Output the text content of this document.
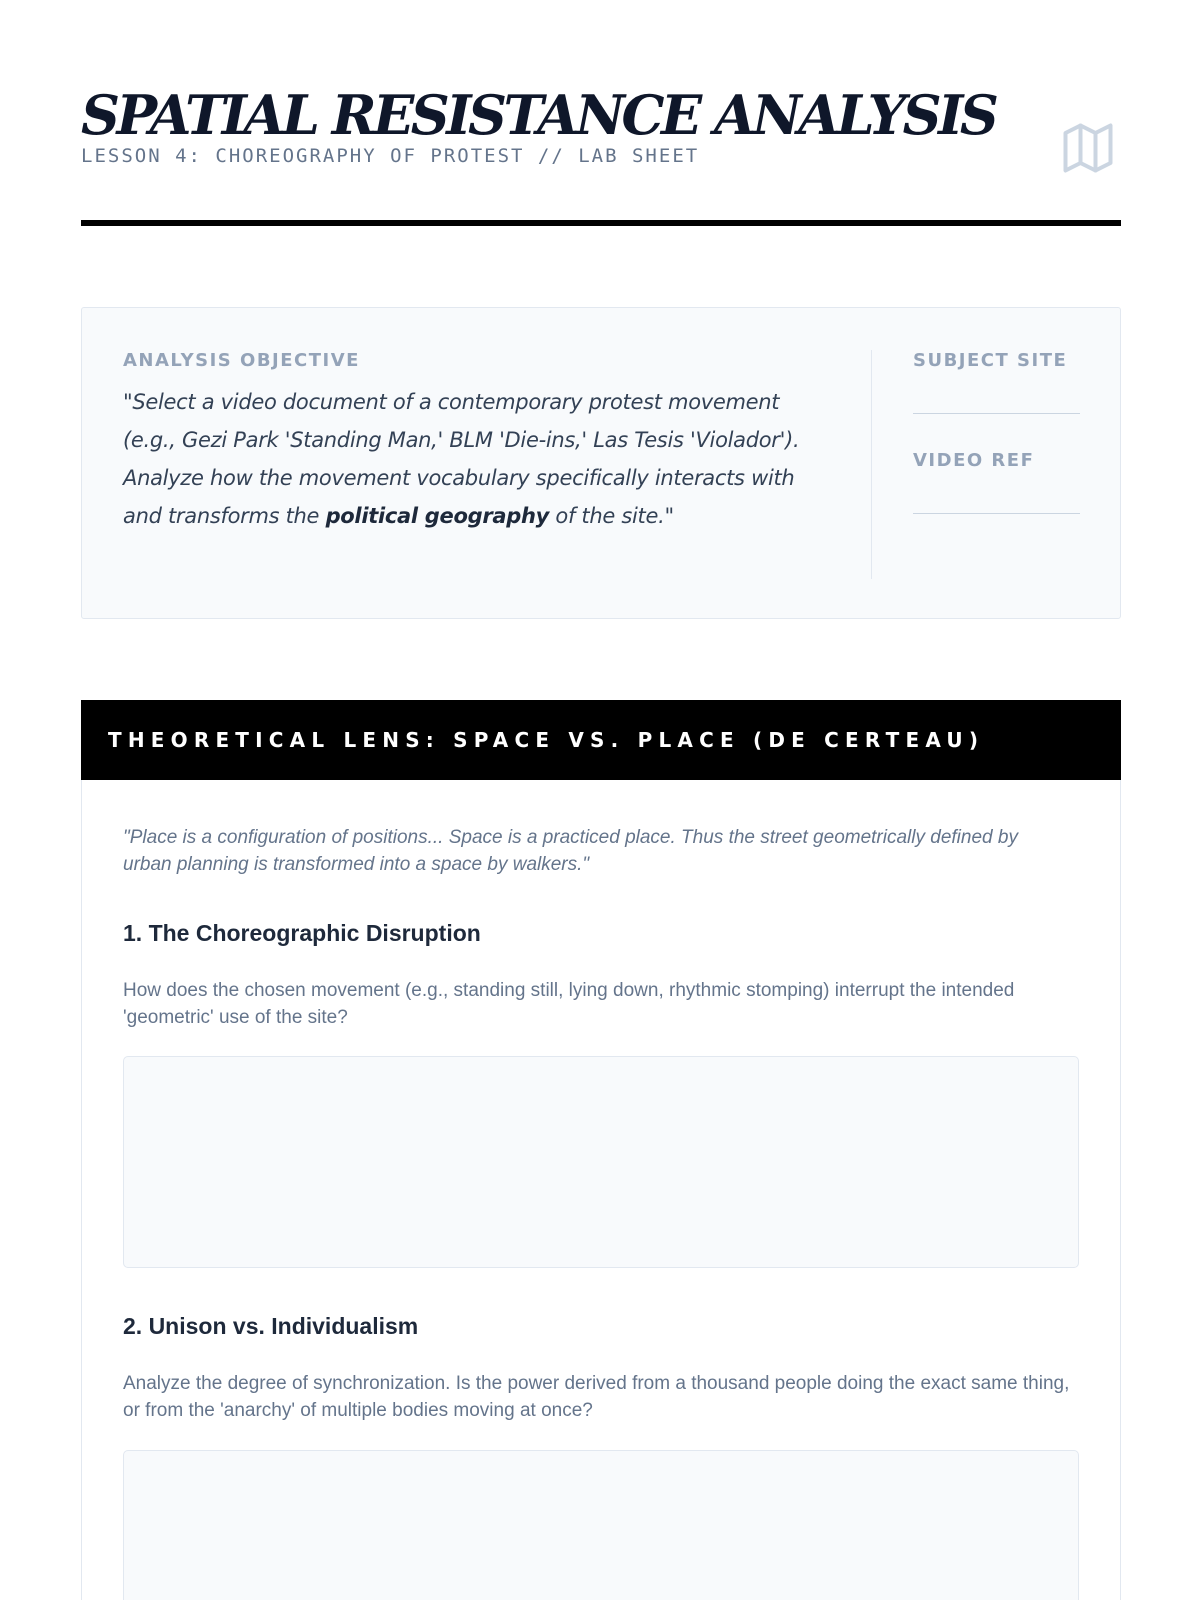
SPATIAL RESISTANCE ANALYSIS
LESSON 4: CHOREOGRAPHY OF PROTEST // LAB SHEET
ANALYSIS OBJECTIVE
"Select a video document of a contemporary protest movement (e.g., Gezi Park 'Standing Man,' BLM 'Die-ins,' Las Tesis 'Violador'). Analyze how the movement vocabulary specifically interacts with and transforms the political geography of the site."
SUBJECT SITE
VIDEO REF
THEORETICAL LENS: SPACE VS. PLACE (DE CERTEAU)
"Place is a configuration of positions... Space is a practiced place. Thus the street geometrically defined by urban planning is transformed into a space by walkers."
1. The Choreographic Disruption
How does the chosen movement (e.g., standing still, lying down, rhythmic stomping) interrupt the intended 'geometric' use of the site?
2. Unison vs. Individualism
Analyze the degree of synchronization. Is the power derived from a thousand people doing the exact same thing, or from the 'anarchy' of multiple bodies moving at once?
